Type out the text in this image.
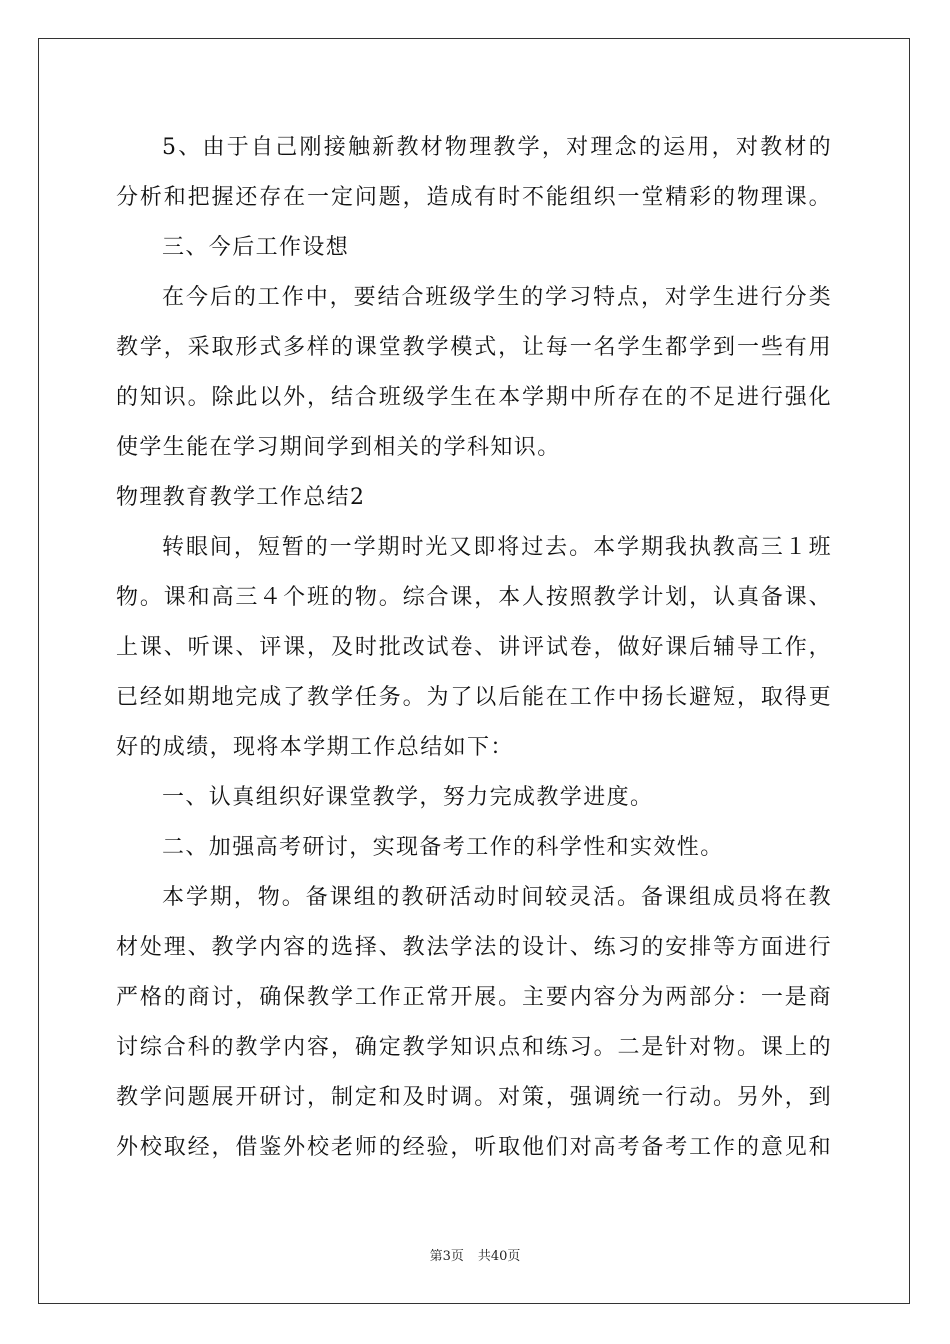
5、由于自己刚接触新教材物理教学，对理念的运用，对教材的
分析和把握还存在一定问题，造成有时不能组织一堂精彩的物理课。
三、今后工作设想
在今后的工作中，要结合班级学生的学习特点，对学生进行分类
教学，采取形式多样的课堂教学模式，让每一名学生都学到一些有用
的知识。除此以外，结合班级学生在本学期中所存在的不足进行强化
使学生能在学习期间学到相关的学科知识。
物理教育教学工作总结2
转眼间，短暂的一学期时光又即将过去。本学期我执教高三１班
物。课和高三４个班的物。综合课，本人按照教学计划，认真备课、
上课、听课、评课，及时批改试卷、讲评试卷，做好课后辅导工作，
已经如期地完成了教学任务。为了以后能在工作中扬长避短，取得更
好的成绩，现将本学期工作总结如下：
一、认真组织好课堂教学，努力完成教学进度。
二、加强高考研讨，实现备考工作的科学性和实效性。
本学期，物。备课组的教研活动时间较灵活。备课组成员将在教
材处理、教学内容的选择、教法学法的设计、练习的安排等方面进行
严格的商讨，确保教学工作正常开展。主要内容分为两部分：一是商
讨综合科的教学内容，确定教学知识点和练习。二是针对物。课上的
教学问题展开研讨，制定和及时调。对策，强调统一行动。另外，到
外校取经，借鉴外校老师的经验，听取他们对高考备考工作的意见和
第3页 共40页
